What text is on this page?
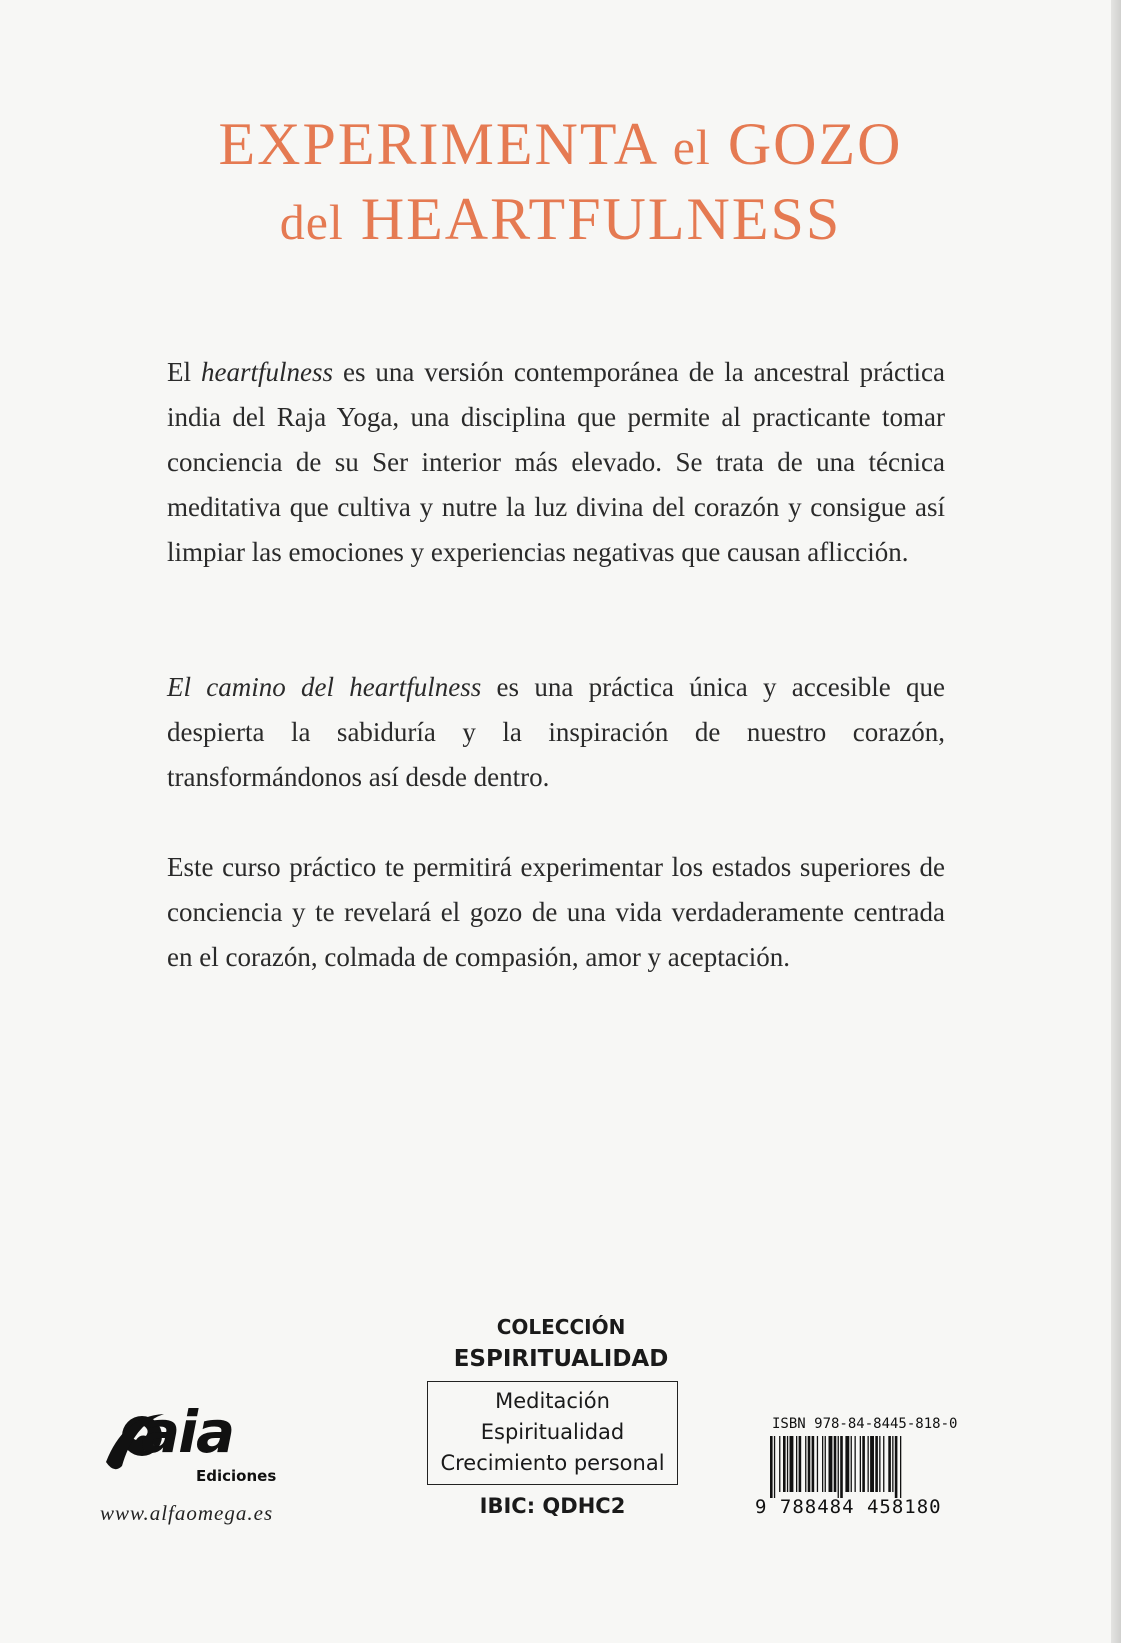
EXPERIMENTA el GOZO
del HEARTFULNESS
El heartfulness es una versión contemporánea de la ancestral práctica india del Raja Yoga, una disciplina que permite al practicante tomar conciencia de su Ser interior más elevado. Se trata de una técnica meditativa que cultiva y nutre la luz divina del corazón y consigue así limpiar las emociones y experiencias negativas que causan aflicción.
El camino del heartfulness es una práctica única y accesible que despierta la sabiduría y la inspiración de nuestro corazón, transformándonos así desde dentro.
Este curso práctico te permitirá experimentar los estados superiores de conciencia y te revelará el gozo de una vida verdaderamente centrada en el corazón, colmada de compasión, amor y aceptación.
COLECCIÓN
ESPIRITUALIDAD
Meditación
Espiritualidad
Crecimiento personal
IBIC: QDHC2
aia
Ediciones
www.alfaomega.es
ISBN 978-84-8445-818-0
9 788484 458180
